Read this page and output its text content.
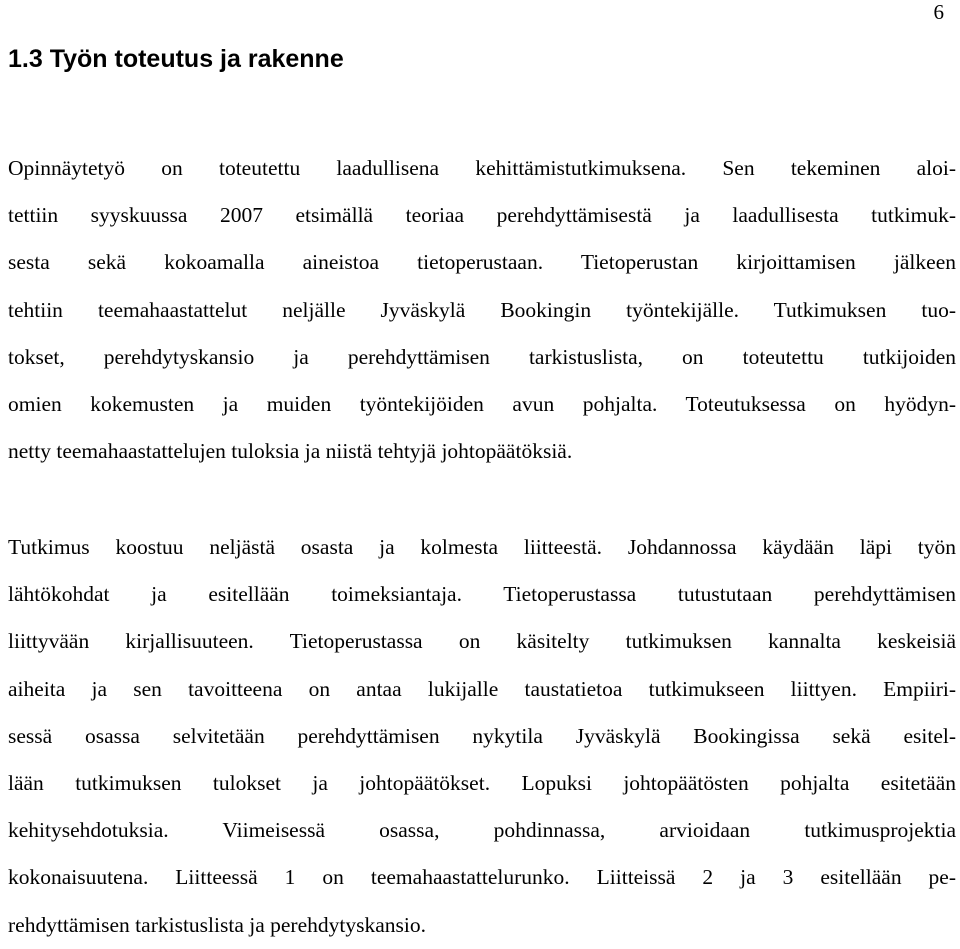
6
1.3 Työn toteutus ja rakenne
Opinnäytetyö on toteutettu laadullisena kehittämistutkimuksena. Sen tekeminen aloi-
tettiin syyskuussa 2007 etsimällä teoriaa perehdyttämisestä ja laadullisesta tutkimuk-
sesta sekä kokoamalla aineistoa tietoperustaan. Tietoperustan kirjoittamisen jälkeen
tehtiin teemahaastattelut neljälle Jyväskylä Bookingin työntekijälle. Tutkimuksen tuo-
tokset, perehdytyskansio ja perehdyttämisen tarkistuslista, on toteutettu tutkijoiden
omien kokemusten ja muiden työntekijöiden avun pohjalta. Toteutuksessa on hyödyn-
netty teemahaastattelujen tuloksia ja niistä tehtyjä johtopäätöksiä.
Tutkimus koostuu neljästä osasta ja kolmesta liitteestä. Johdannossa käydään läpi työn
lähtökohdat ja esitellään toimeksiantaja. Tietoperustassa tutustutaan perehdyttämisen
liittyvään kirjallisuuteen. Tietoperustassa on käsitelty tutkimuksen kannalta keskeisiä
aiheita ja sen tavoitteena on antaa lukijalle taustatietoa tutkimukseen liittyen. Empiiri-
sessä osassa selvitetään perehdyttämisen nykytila Jyväskylä Bookingissa sekä esitel-
lään tutkimuksen tulokset ja johtopäätökset. Lopuksi johtopäätösten pohjalta esitetään
kehitysehdotuksia. Viimeisessä osassa, pohdinnassa, arvioidaan tutkimusprojektia
kokonaisuutena. Liitteessä 1 on teemahaastattelurunko. Liitteissä 2 ja 3 esitellään pe-
rehdyttämisen tarkistuslista ja perehdytyskansio.
